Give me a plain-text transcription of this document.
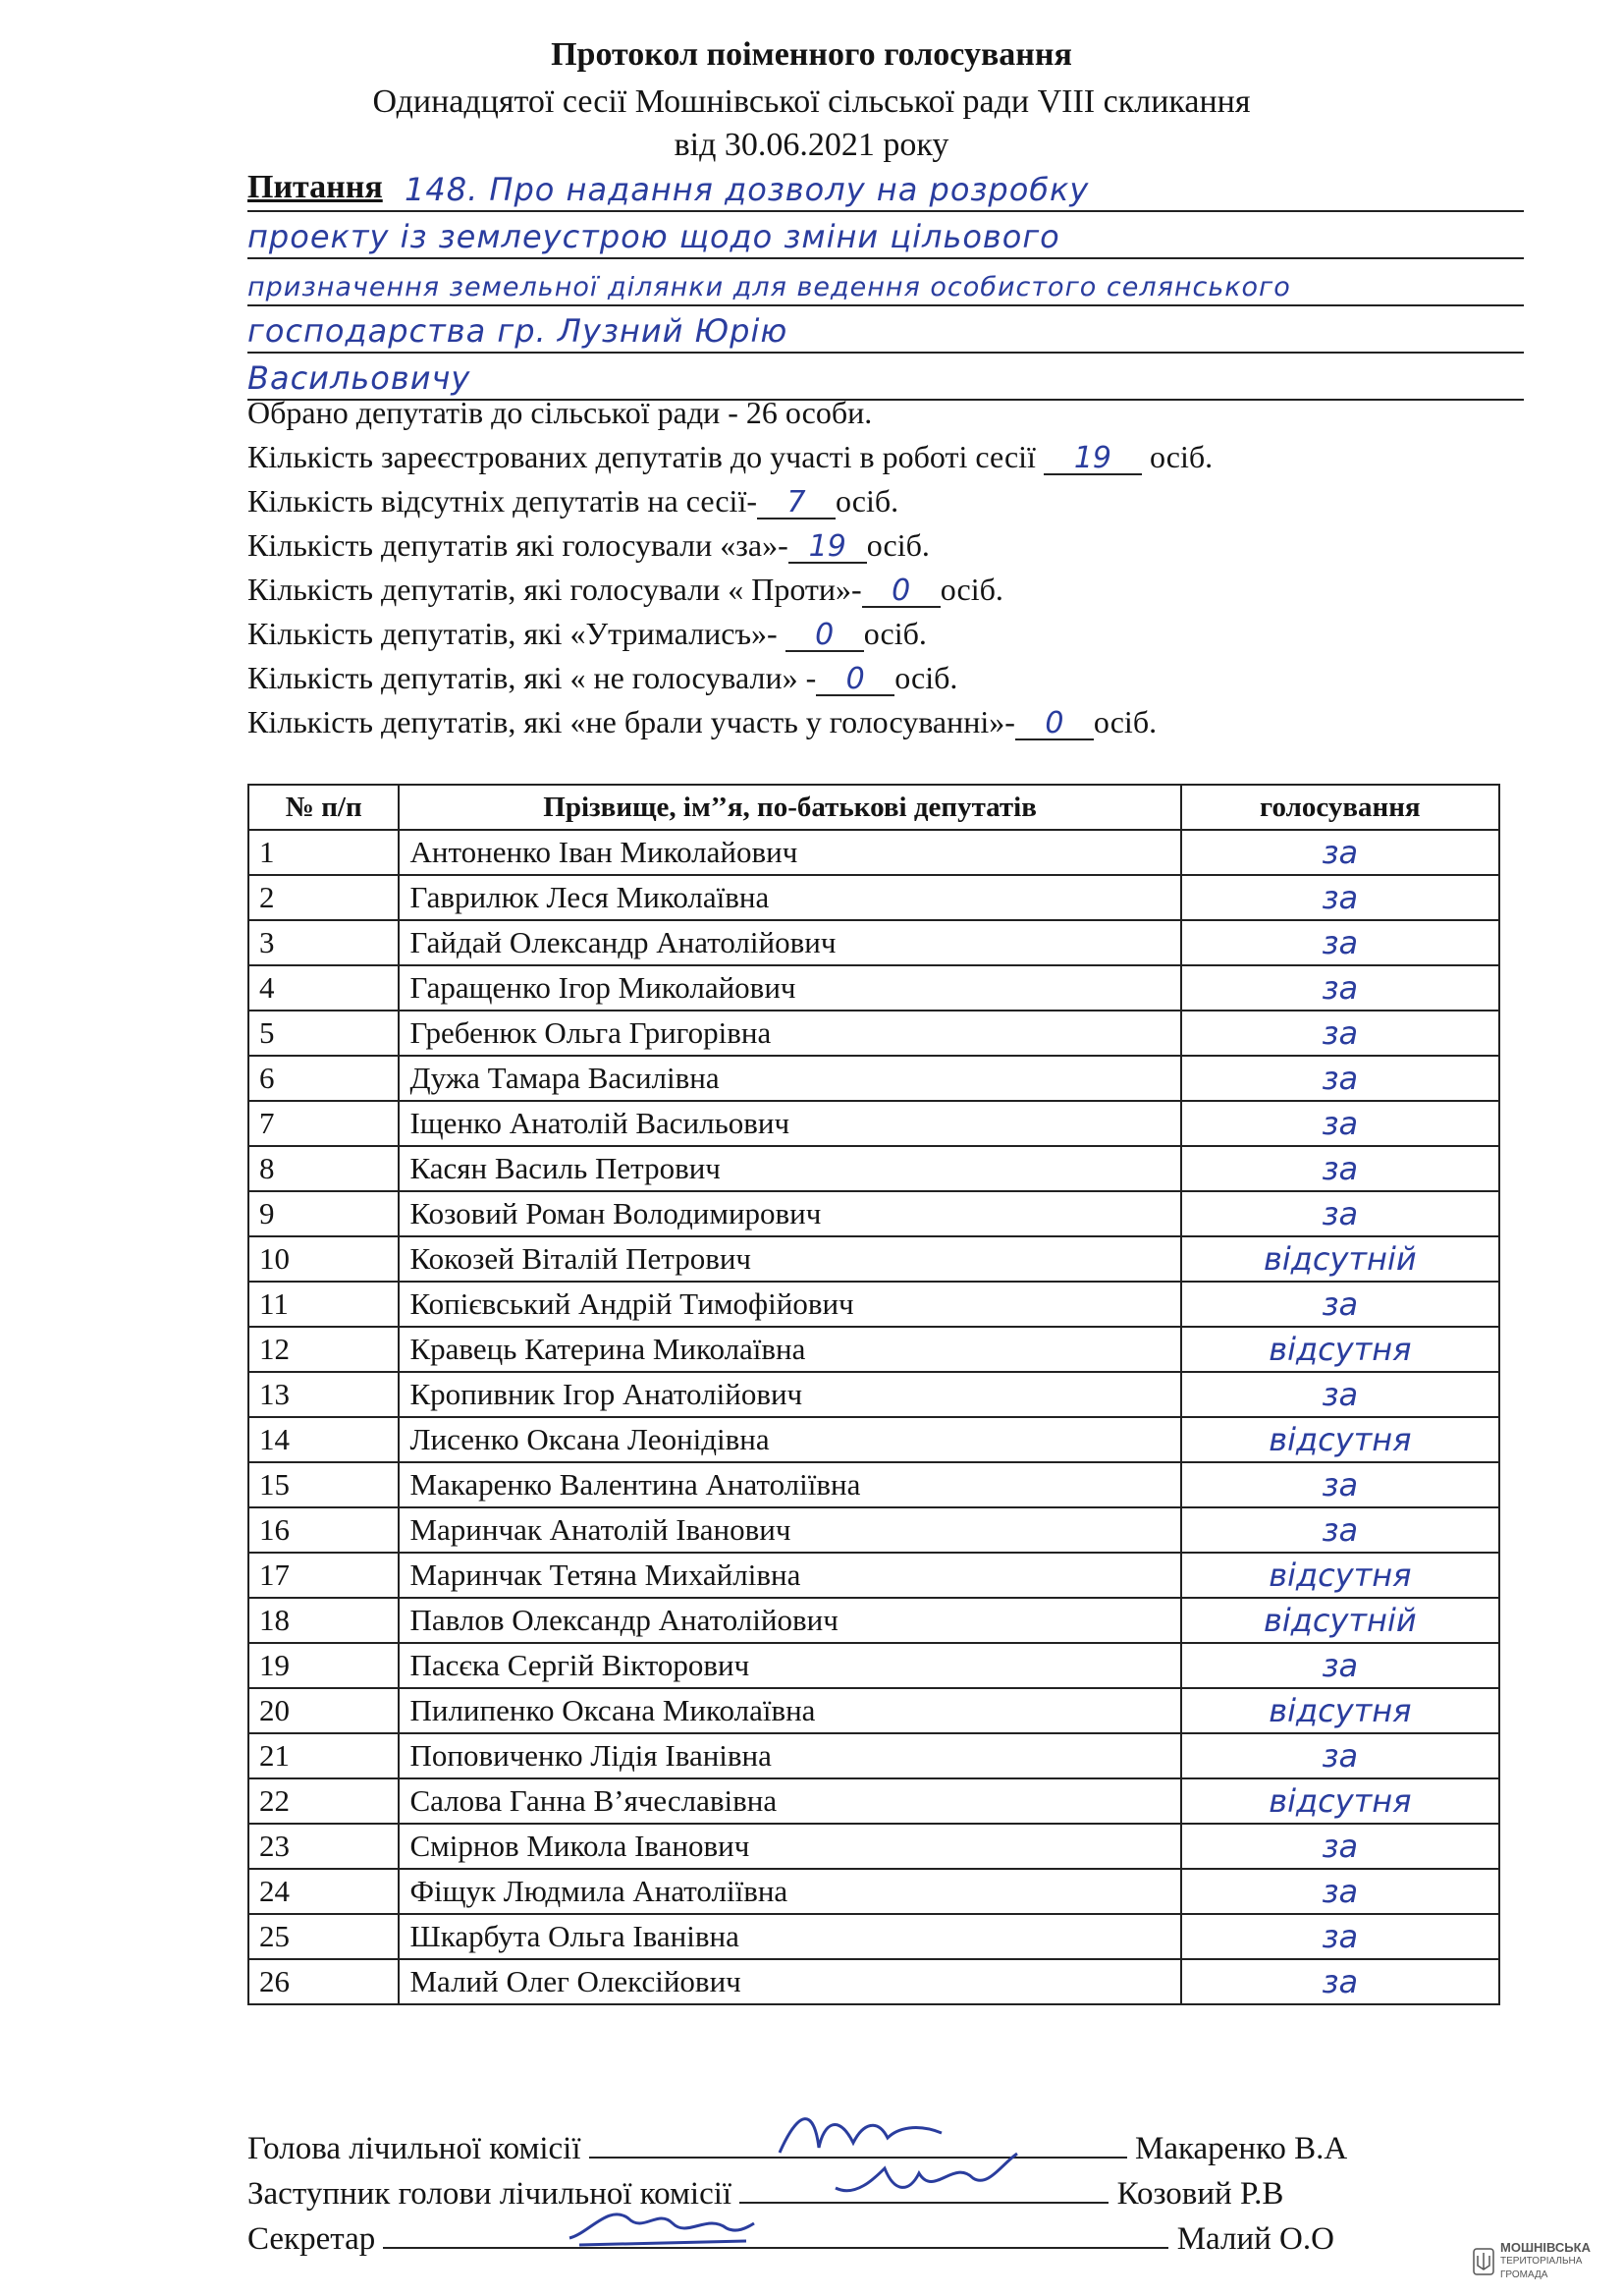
Протокол поіменного голосування
Одинадцятої сесії Мошнівської сільської ради VIII скликання
від 30.06.2021 року
Питання 148. Про надання дозволу на розробку
проекту із землеустрою щодо зміни цільового
призначення земельної ділянки для ведення особистого селянського
господарства гр. Лузний Юрію
Васильовичу
Обрано депутатів до сільської ради - 26 особи.
Кількість зареєстрованих депутатів до участі в роботі сесії 19 осіб.
Кількість відсутніх депутатів на сесії- 7 осіб.
Кількість депутатів які голосували «за»- 19 осіб.
Кількість депутатів, які голосували « Проти»- 0 осіб.
Кількість депутатів, які «Утрималисъ»- 0 осіб.
Кількість депутатів, які « не голосували» - 0 осіб.
Кількість депутатів, які «не брали участь у голосуванні»- 0 осіб.
№ п/п	Прізвище, ім’’я, по-батькові депутатів	голосування
1	Антоненко Іван Миколайович	за
2	Гаврилюк Леся Миколаївна	за
3	Гайдай Олександр Анатолійович	за
4	Гаращенко Ігор Миколайович	за
5	Гребенюк Ольга Григорівна	за
6	Дужа Тамара Василівна	за
7	Іщенко Анатолій Васильович	за
8	Касян Василь Петрович	за
9	Козовий Роман Володимирович	за
10	Кокозей Віталій Петрович	відсутній
11	Копієвський Андрій Тимофійович	за
12	Кравець Катерина Миколаївна	відсутня
13	Кропивник Ігор Анатолійович	за
14	Лисенко Оксана Леонідівна	відсутня
15	Макаренко Валентина Анатоліївна	за
16	Маринчак Анатолій Іванович	за
17	Маринчак Тетяна Михайлівна	відсутня
18	Павлов Олександр Анатолійович	відсутній
19	Пасєка Сергій Вікторович	за
20	Пилипенко Оксана Миколаївна	відсутня
21	Поповиченко Лідія Іванівна	за
22	Салова Ганна В’ячеславівна	відсутня
23	Смірнов Микола Іванович	за
24	Фіщук Людмила Анатоліївна	за
25	Шкарбута Ольга Іванівна	за
26	Малий Олег Олексійович	за
Голова лічильної комісії	Макаренко В.А
Заступник голови лічильної комісії	Козовий Р.В
Секретар	Малий О.О	МОШНІВСЬКА
ТЕРИТОРІАЛЬНА
ГРОМАДА
